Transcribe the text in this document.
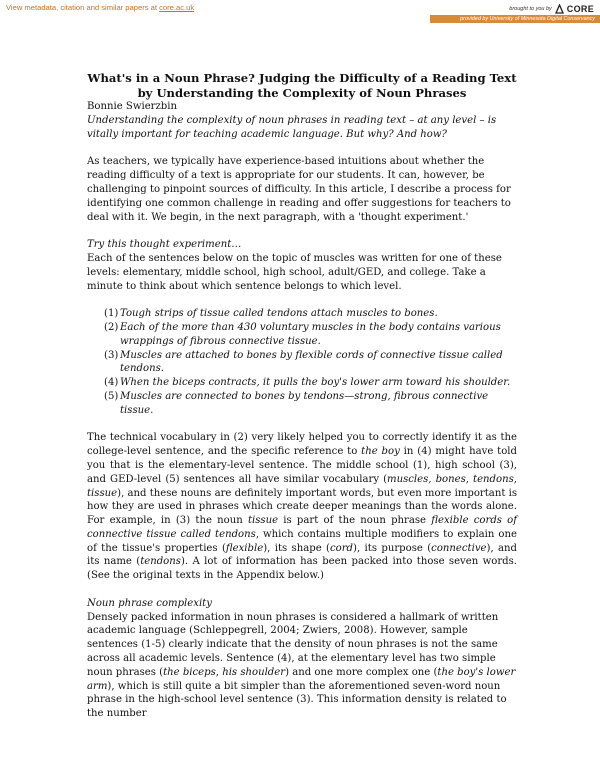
View metadata, citation and similar papers at core.ac.uk	brought to you by CORE
provided by University of Minnesota Digital Conservancy
What's in a Noun Phrase? Judging the Difficulty of a Reading Text
by Understanding the Complexity of Noun Phrases

Bonnie Swierzbin

Understanding the complexity of noun phrases in reading text – at any level – is vitally important for teaching academic language. But why? And how?

As teachers, we typically have experience-based intuitions about whether the reading difficulty of a text is appropriate for our students. It can, however, be challenging to pinpoint sources of difficulty. In this article, I describe a process for identifying one common challenge in reading and offer suggestions for teachers to deal with it. We begin, in the next paragraph, with a 'thought experiment.'

Try this thought experiment…

Each of the sentences below on the topic of muscles was written for one of these levels: elementary, middle school, high school, adult/GED, and college. Take a minute to think about which sentence belongs to which level.

(1) Tough strips of tissue called tendons attach muscles to bones.
(2) Each of the more than 430 voluntary muscles in the body contains various wrappings of fibrous connective tissue.
(3) Muscles are attached to bones by flexible cords of connective tissue called tendons.
(4) When the biceps contracts, it pulls the boy's lower arm toward his shoulder.
(5) Muscles are connected to bones by tendons—strong, fibrous connective tissue.

The technical vocabulary in (2) very likely helped you to correctly identify it as the college-level sentence, and the specific reference to the boy in (4) might have told you that is the elementary-level sentence. The middle school (1), high school (3), and GED-level (5) sentences all have similar vocabulary (muscles, bones, tendons, tissue), and these nouns are definitely important words, but even more important is how they are used in phrases which create deeper meanings than the words alone. For example, in (3) the noun tissue is part of the noun phrase flexible cords of connective tissue called tendons, which contains multiple modifiers to explain one of the tissue's properties (flexible), its shape (cord), its purpose (connective), and its name (tendons). A lot of information has been packed into those seven words. (See the original texts in the Appendix below.)

Noun phrase complexity

Densely packed information in noun phrases is considered a hallmark of written academic language (Schleppegrell, 2004; Zwiers, 2008). However, sample sentences (1-5) clearly indicate that the density of noun phrases is not the same across all academic levels. Sentence (4), at the elementary level has two simple noun phrases (the biceps, his shoulder) and one more complex one (the boy's lower arm), which is still quite a bit simpler than the aforementioned seven-word noun phrase in the high-school level sentence (3). This information density is related to the number
